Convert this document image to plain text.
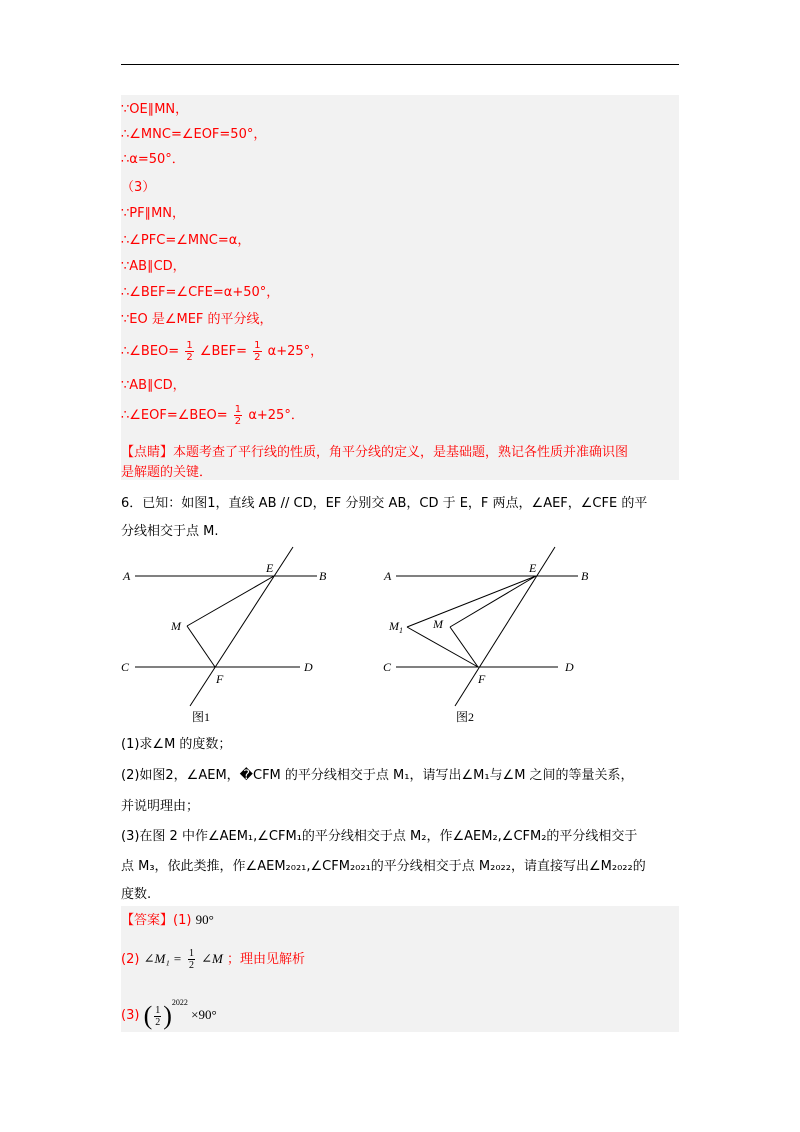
∵OE∥MN，
∴∠MNC=∠EOF=50°，
∴α=50°．
（3）
∵PF∥MN，
∴∠PFC=∠MNC=α，
∵AB∥CD，
∴∠BEF=∠CFE=α+50°，
∵EO 是∠MEF 的平分线，
∴∠BEO= $\frac{1}{2}$ ∠BEF= $\frac{1}{2} \alpha+25^\circ$，
∵AB∥CD，
∴∠EOF=∠BEO= $\frac{1}{2} \alpha+25^\circ$．
【点睛】本题考查了平行线的性质，角平分线的定义，是基础题，熟记各性质并准确识图
是解题的关键．
6．已知：如图1，直线 AB // CD，EF 分别交 AB，CD 于 E，F 两点，∠AEF，∠CFE 的平
分线相交于点 M.
A	B
C	D
E
F
M
图1
A	B
C	D
E
F
M
$M_1$
图2
(1)求∠M 的度数；
(2)如图2，∠AEM，�CFM 的平分线相交于点 M₁，请写出∠M₁与∠M 之间的等量关系，
并说明理由；
(3)在图 2 中作∠AEM₁,∠CFM₁的平分线相交于点 M₂，作∠AEM₂,∠CFM₂的平分线相交于
点 M₃，依此类推，作∠AEM₂₀₂₁,∠CFM₂₀₂₁的平分线相交于点 M₂₀₂₂，请直接写出∠M₂₀₂₂的
度数.
【答案】(1) 90°
(2) ∠M₁ = $\frac{1}{2}$ ∠M ；理由见解析
(3) ( $\frac{1}{2} )^{2022} \times 90^\circ$
